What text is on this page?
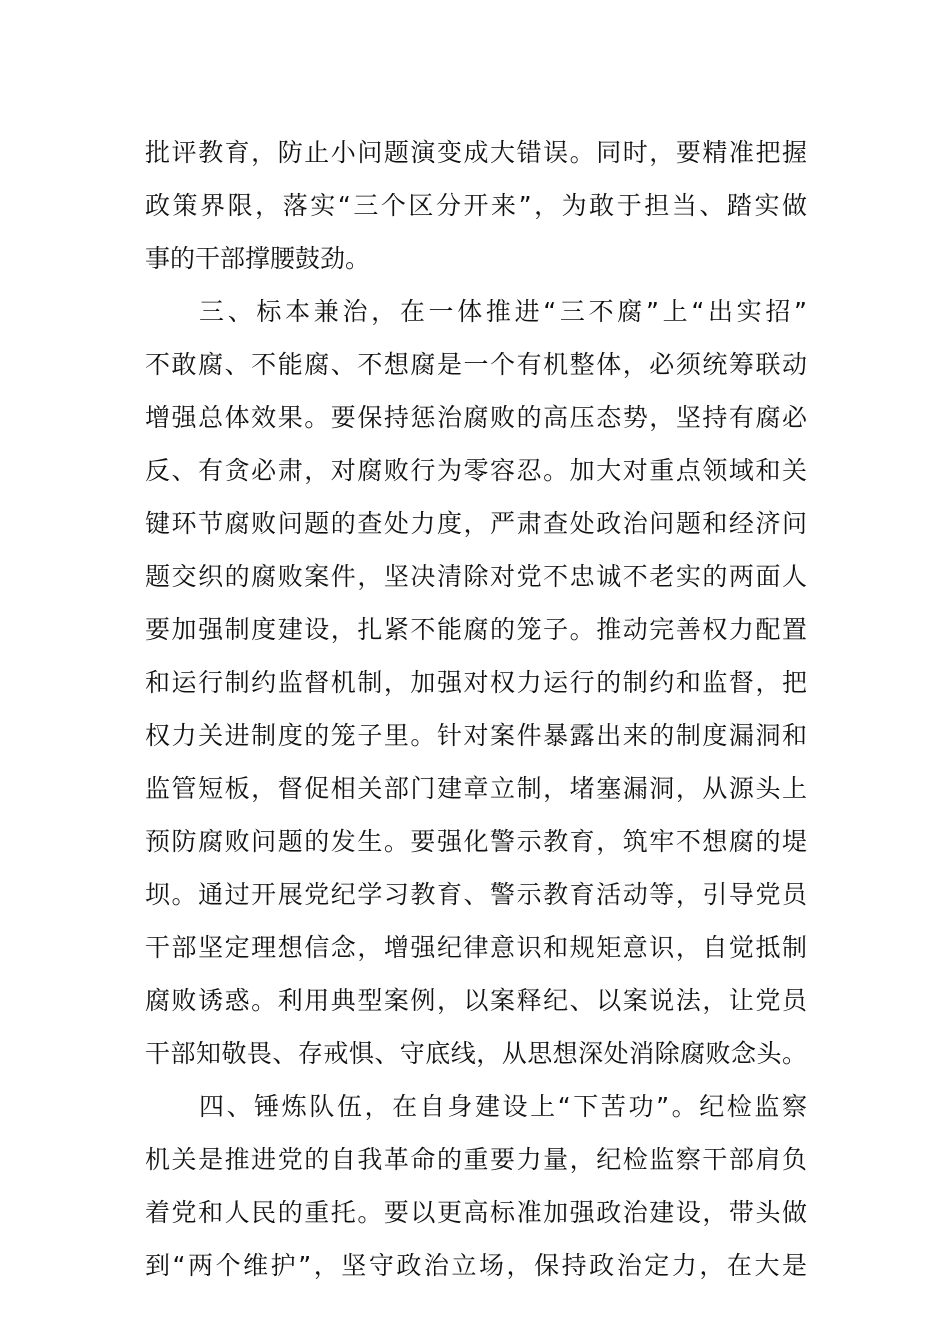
批评教育，防止小问题演变成大错误。同时，要精准把握
政策界限，落实“三个区分开来”，为敢于担当、踏实做
事的干部撑腰鼓劲。
三、标本兼治，在一体推进“三不腐”上“出实招”
不敢腐、不能腐、不想腐是一个有机整体，必须统筹联动
增强总体效果。要保持惩治腐败的高压态势，坚持有腐必
反、有贪必肃，对腐败行为零容忍。加大对重点领域和关
键环节腐败问题的查处力度，严肃查处政治问题和经济问
题交织的腐败案件，坚决清除对党不忠诚不老实的两面人
要加强制度建设，扎紧不能腐的笼子。推动完善权力配置
和运行制约监督机制，加强对权力运行的制约和监督，把
权力关进制度的笼子里。针对案件暴露出来的制度漏洞和
监管短板，督促相关部门建章立制，堵塞漏洞，从源头上
预防腐败问题的发生。要强化警示教育，筑牢不想腐的堤
坝。通过开展党纪学习教育、警示教育活动等，引导党员
干部坚定理想信念，增强纪律意识和规矩意识，自觉抵制
腐败诱惑。利用典型案例，以案释纪、以案说法，让党员
干部知敬畏、存戒惧、守底线，从思想深处消除腐败念头。
四、锤炼队伍，在自身建设上“下苦功”。纪检监察
机关是推进党的自我革命的重要力量，纪检监察干部肩负
着党和人民的重托。要以更高标准加强政治建设，带头做
到“两个维护”，坚守政治立场，保持政治定力，在大是
